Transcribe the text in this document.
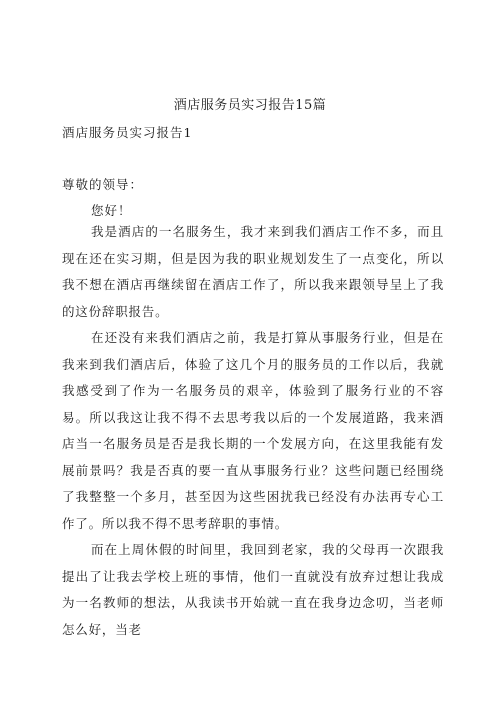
酒店服务员实习报告15篇
酒店服务员实习报告1
尊敬的领导：
您好！

我是酒店的一名服务生，我才来到我们酒店工作不多，而且现在还在实习期，但是因为我的职业规划发生了一点变化，所以我不想在酒店再继续留在酒店工作了，所以我来跟领导呈上了我的这份辞职报告。

在还没有来我们酒店之前，我是打算从事服务行业，但是在我来到我们酒店后，体验了这几个月的服务员的工作以后，我就我感受到了作为一名服务员的艰辛，体验到了服务行业的不容易。所以我这让我不得不去思考我以后的一个发展道路，我来酒店当一名服务员是否是我长期的一个发展方向，在这里我能有发展前景吗？我是否真的要一直从事服务行业？这些问题已经围绕了我整整一个多月，甚至因为这些困扰我已经没有办法再专心工作了。所以我不得不思考辞职的事情。

而在上周休假的时间里，我回到老家，我的父母再一次跟我提出了让我去学校上班的事情，他们一直就没有放弃过想让我成为一名教师的想法，从我读书开始就一直在我身边念叨，当老师怎么好，当老
